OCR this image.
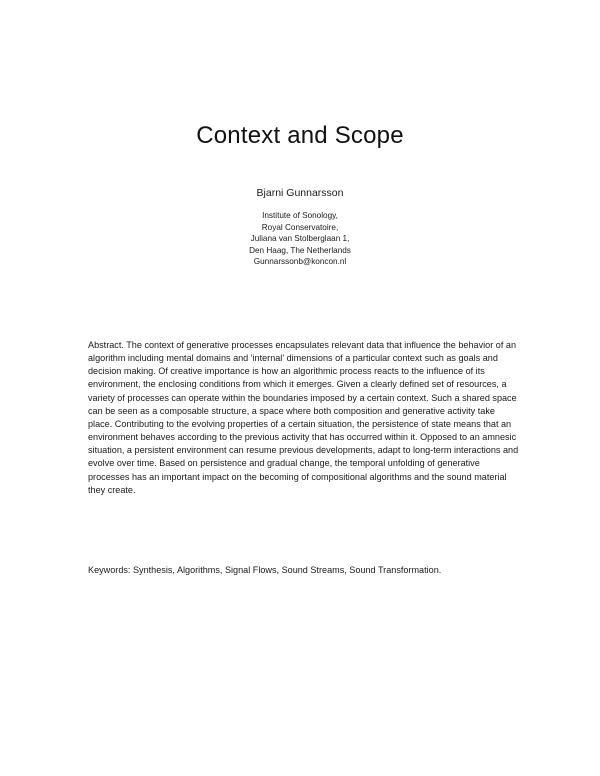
Context and Scope

Bjarni Gunnarsson

Institute of Sonology,
Royal Conservatoire,
Juliana van Stolberglaan 1,
Den Haag, The Netherlands
Gunnarssonb@koncon.nl

Abstract. The context of generative processes encapsulates relevant data that influence the behavior of an algorithm including mental domains and 'internal' dimensions of a particular context such as goals and decision making. Of creative importance is how an algorithmic process reacts to the influence of its environment, the enclosing conditions from which it emerges. Given a clearly defined set of resources, a variety of processes can operate within the boundaries imposed by a certain context. Such a shared space can be seen as a composable structure, a space where both composition and generative activity take place. Contributing to the evolving properties of a certain situation, the persistence of state means that an environment behaves according to the previous activity that has occurred within it. Opposed to an amnesic situation, a persistent environment can resume previous developments, adapt to long-term interactions and evolve over time. Based on persistence and gradual change, the temporal unfolding of generative processes has an important impact on the becoming of compositional algorithms and the sound material they create.

Keywords: Synthesis, Algorithms, Signal Flows, Sound Streams, Sound Transformation.
